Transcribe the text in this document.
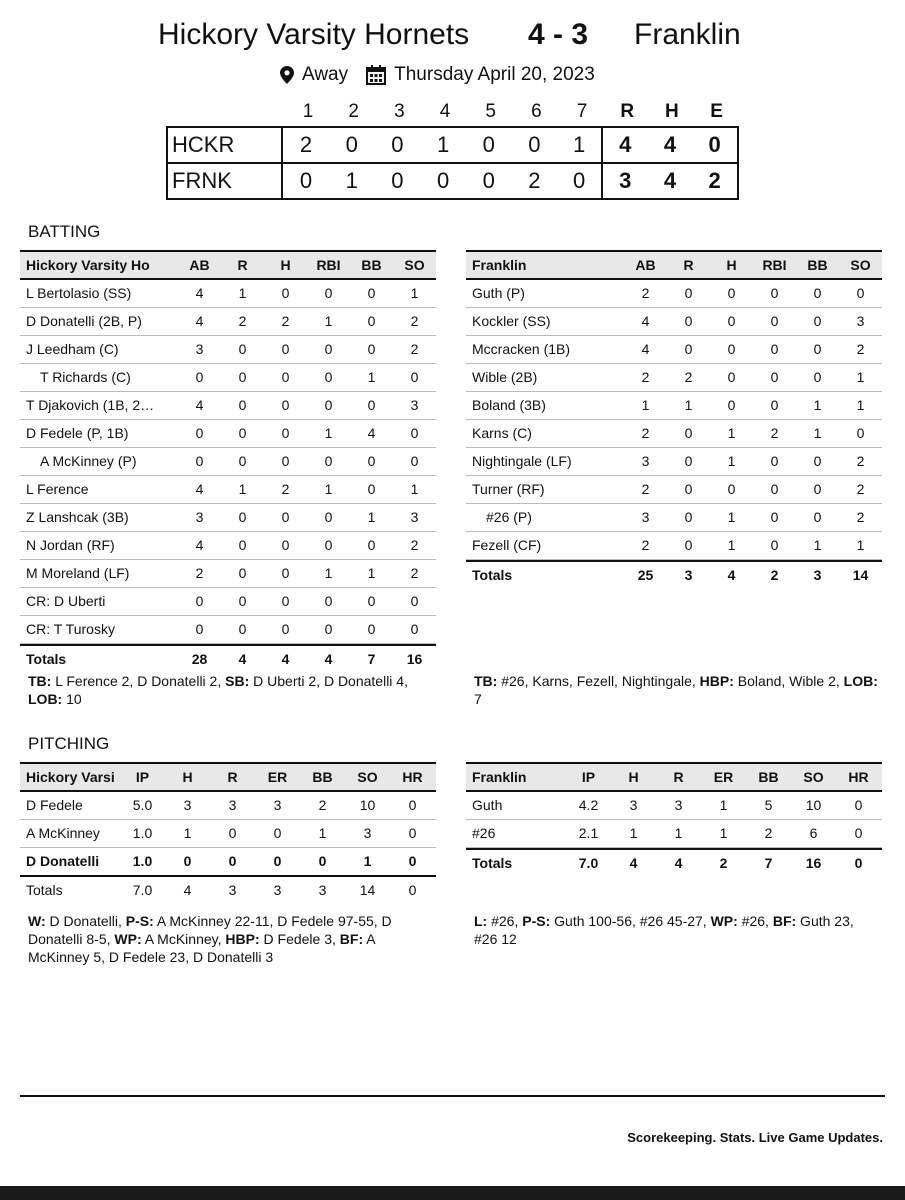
Hickory Varsity Hornets 4 - 3 Franklin
Away Thursday April 20, 2023
1	2	3	4	5	6	7	R	H	E
HCKR	2	0	0	1	0	0	1	4	4	0
FRNK	0	1	0	0	0	2	0	3	4	2
BATTING
Hickory Varsity Ho	AB	R	H	RBI	BB	SO
L Bertolasio (SS)	4	1	0	0	0	1
D Donatelli (2B, P)	4	2	2	1	0	2
J Leedham (C)	3	0	0	0	0	2
T Richards (C)	0	0	0	0	1	0
T Djakovich (1B, 2…	4	0	0	0	0	3
D Fedele (P, 1B)	0	0	0	1	4	0
A McKinney (P)	0	0	0	0	0	0
L Ference	4	1	2	1	0	1
Z Lanshcak (3B)	3	0	0	0	1	3
N Jordan (RF)	4	0	0	0	0	2
M Moreland (LF)	2	0	0	1	1	2
CR: D Uberti	0	0	0	0	0	0
CR: T Turosky	0	0	0	0	0	0
Totals	28	4	4	4	7	16
Franklin	AB	R	H	RBI	BB	SO
Guth (P)	2	0	0	0	0	0
Kockler (SS)	4	0	0	0	0	3
Mccracken (1B)	4	0	0	0	0	2
Wible (2B)	2	2	0	0	0	1
Boland (3B)	1	1	0	0	1	1
Karns (C)	2	0	1	2	1	0
Nightingale (LF)	3	0	1	0	0	2
Turner (RF)	2	0	0	0	0	2
#26 (P)	3	0	1	0	0	2
Fezell (CF)	2	0	1	0	1	1
Totals	25	3	4	2	3	14
TB: L Ference 2, D Donatelli 2, SB: D Uberti 2, D Donatelli 4, LOB: 10
TB: #26, Karns, Fezell, Nightingale, HBP: Boland, Wible 2, LOB: 7
PITCHING
Hickory Varsi	IP	H	R	ER	BB	SO	HR
D Fedele	5.0	3	3	3	2	10	0
A McKinney	1.0	1	0	0	1	3	0
D Donatelli	1.0	0	0	0	0	1	0
Totals	7.0	4	3	3	3	14	0
Franklin	IP	H	R	ER	BB	SO	HR
Guth	4.2	3	3	1	5	10	0
#26	2.1	1	1	1	2	6	0
Totals	7.0	4	4	2	7	16	0
W: D Donatelli, P-S: A McKinney 22-11, D Fedele 97-55, D Donatelli 8-5, WP: A McKinney, HBP: D Fedele 3, BF: A McKinney 5, D Fedele 23, D Donatelli 3
L: #26, P-S: Guth 100-56, #26 45-27, WP: #26, BF: Guth 23, #26 12
Scorekeeping. Stats. Live Game Updates.
